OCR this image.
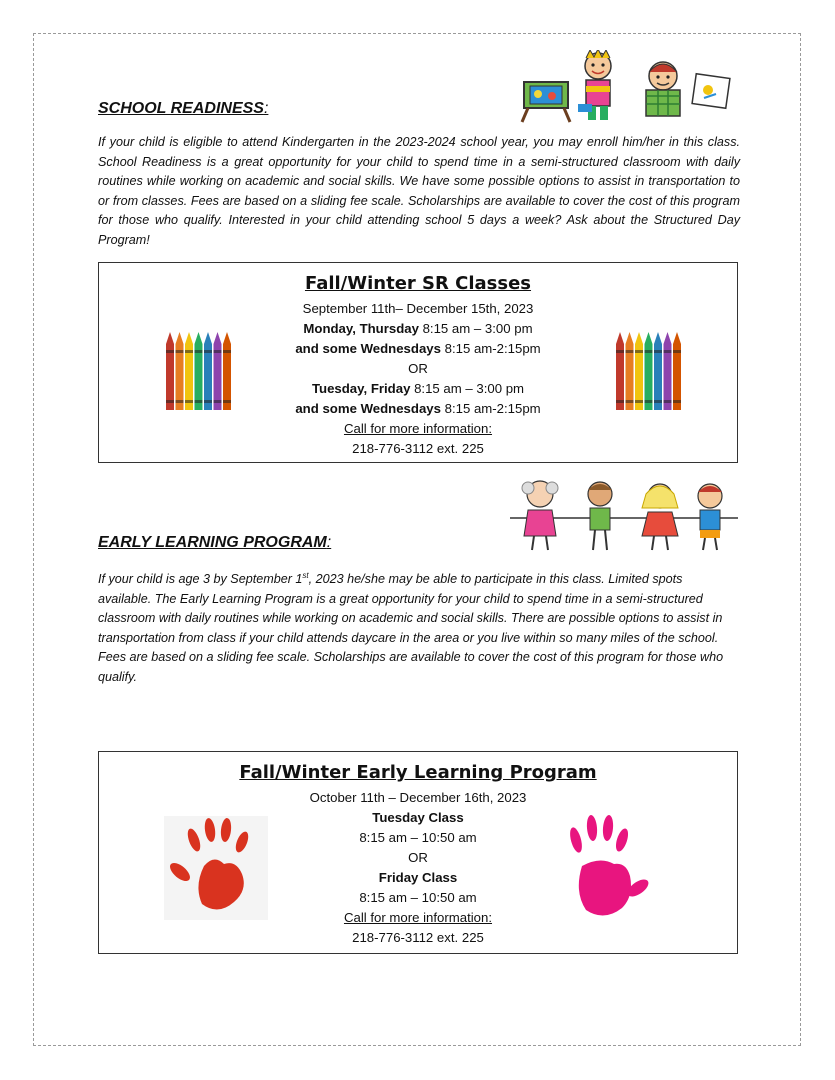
SCHOOL READINESS:

If your child is eligible to attend Kindergarten in the 2023-2024 school year, you may enroll him/her in this class. School Readiness is a great opportunity for your child to spend time in a semi-structured classroom with daily routines while working on academic and social skills. We have some possible options to assist in transportation to or from classes. Fees are based on a sliding fee scale. Scholarships are available to cover the cost of this program for those who qualify. Interested in your child attending school 5 days a week? Ask about the Structured Day Program!

Fall/Winter SR Classes
September 11th– December 15th, 2023
Monday, Thursday 8:15 am – 3:00 pm
and some Wednesdays 8:15 am-2:15pm
OR
Tuesday, Friday 8:15 am – 3:00 pm
and some Wednesdays 8:15 am-2:15pm
Call for more information:
218-776-3112 ext. 225
EARLY LEARNING PROGRAM:

If your child is age 3 by September 1st, 2023 he/she may be able to participate in this class. Limited spots available. The Early Learning Program is a great opportunity for your child to spend time in a semi-structured classroom with daily routines while working on academic and social skills. There are possible options to assist in transportation from class if your child attends daycare in the area or you live within so many miles of the school. Fees are based on a sliding fee scale. Scholarships are available to cover the cost of this program for those who qualify.

Fall/Winter Early Learning Program
October 11th – December 16th, 2023
Tuesday Class
8:15 am – 10:50 am
OR
Friday Class
8:15 am – 10:50 am
Call for more information:
218-776-3112 ext. 225
